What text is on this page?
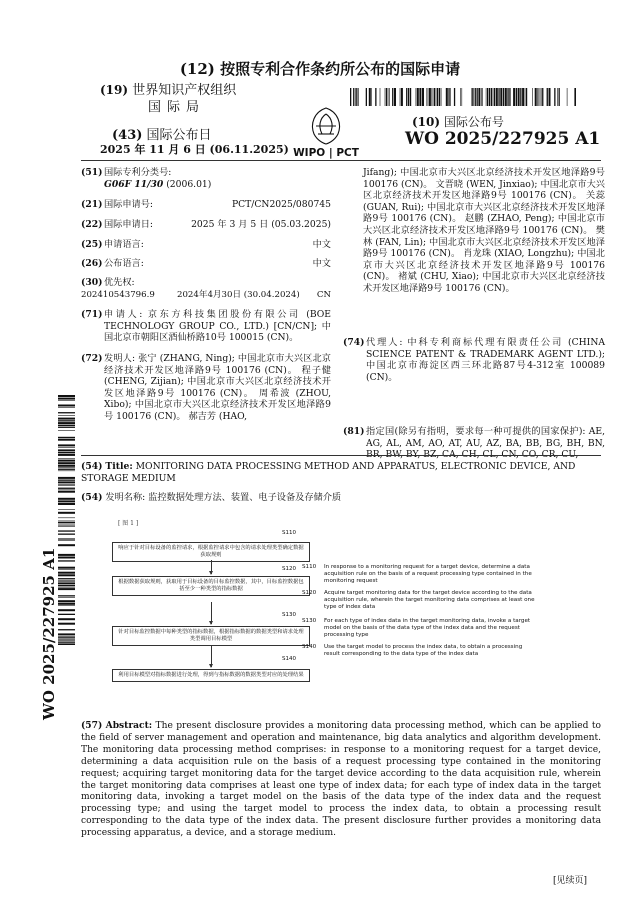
(12) 按照专利合作条约所公布的国际申请
(19) 世界知识产权组织
国际局
(43) 国际公布日
2025 年 11 月 6 日 (06.11.2025) WIPO | PCT
(10) 国际公布号
WO 2025/227925 A1
WO 2025/227925 A1
(51) 国际专利分类号:
G06F 11/30 (2006.01)
(21) 国际申请号:	PCT/CN2025/080745
(22) 国际申请日:	2025 年 3 月 5 日 (05.03.2025)
(25) 申请语言:	中文
(26) 公布语言:	中文
(30) 优先权:
202410543796.9	2024年4月30日 (30.04.2024) CN
(71) 申请人: 京东方科技集团股份有限公司 (BOE TECHNOLOGY GROUP CO., LTD.) [CN/CN]; 中国北京市朝阳区酒仙桥路10号 100015 (CN)。
(72) 发明人: 张宁 (ZHANG, Ning); 中国北京市大兴区北京经济技术开发区地泽路9号 100176 (CN)。 程子健 (CHENG, Zijian); 中国北京市大兴区北京经济技术开发区地泽路9号 100176 (CN)。 周希波 (ZHOU, Xibo); 中国北京市大兴区北京经济技术开发区地泽路9号 100176 (CN)。 郝吉芳 (HAO,
Jifang); 中国北京市大兴区北京经济技术开发区地泽路9号 100176 (CN)。 文晋晓 (WEN, Jinxiao); 中国北京市大兴区北京经济技术开发区地泽路9号 100176 (CN)。 关蕊 (GUAN, Rui); 中国北京市大兴区北京经济技术开发区地泽路9号 100176 (CN)。 赵鹏 (ZHAO, Peng); 中国北京市大兴区北京经济技术开发区地泽路9号 100176 (CN)。 樊林 (FAN, Lin); 中国北京市大兴区北京经济技术开发区地泽路9号 100176 (CN)。 肖龙珠 (XIAO, Longzhu); 中国北京市大兴区北京经济技术开发区地泽路9号 100176 (CN)。 褚斌 (CHU, Xiao); 中国北京市大兴区北京经济技术开发区地泽路9号 100176 (CN)。
(74) 代理人: 中科专利商标代理有限责任公司 (CHINA SCIENCE PATENT & TRADEMARK AGENT LTD.); 中国北京市海淀区西三环北路87号4-312室 100089 (CN)。
(81) 指定国(除另有指明，要求每一种可提供的国家保护): AE, AG, AL, AM, AO, AT, AU, AZ, BA, BB, BG, BH, BN, BR, BW, BY, BZ, CA, CH, CL, CN, CO, CR, CU,
(54) Title: MONITORING DATA PROCESSING METHOD AND APPARATUS, ELECTRONIC DEVICE, AND STORAGE MEDIUM
(54) 发明名称: 监控数据处理方法、装置、电子设备及存储介质
[ 图 1 ]
S110
响应于针对目标设备的监控请求，根据监控请求中包含的请求处理类型确定数据获取规则
S120
根据数据获取规则，获取用于目标设备的目标监控数据，其中，目标监控数据包括至少一种类型的指标数据
S130
针对目标监控数据中每种类型的指标数据，根据指标数据的数据类型和请求处理类型调用目标模型
S140
利用目标模型对指标数据进行处理，得到与指标数据的数据类型对应的处理结果
S110	In response to a monitoring request for a target device, determine a data acquisition rule on the basis of a request processing type contained in the monitoring request
S120	Acquire target monitoring data for the target device according to the data acquisition rule, wherein the target monitoring data comprises at least one type of index data
S130	For each type of index data in the target monitoring data, invoke a target model on the basis of the data type of the index data and the request processing type
S140	Use the target model to process the index data, to obtain a processing result corresponding to the data type of the index data
(57) Abstract: The present disclosure provides a monitoring data processing method, which can be applied to the field of server management and operation and maintenance, big data analytics and algorithm development. The monitoring data processing method comprises: in response to a monitoring request for a target device, determining a data acquisition rule on the basis of a request processing type contained in the monitoring request; acquiring target monitoring data for the target device according to the data acquisition rule, wherein the target monitoring data comprises at least one type of index data; for each type of index data in the target monitoring data, invoking a target model on the basis of the data type of the index data and the request processing type; and using the target model to process the index data, to obtain a processing result corresponding to the data type of the index data. The present disclosure further provides a monitoring data processing apparatus, a device, and a storage medium.
[见续页]
